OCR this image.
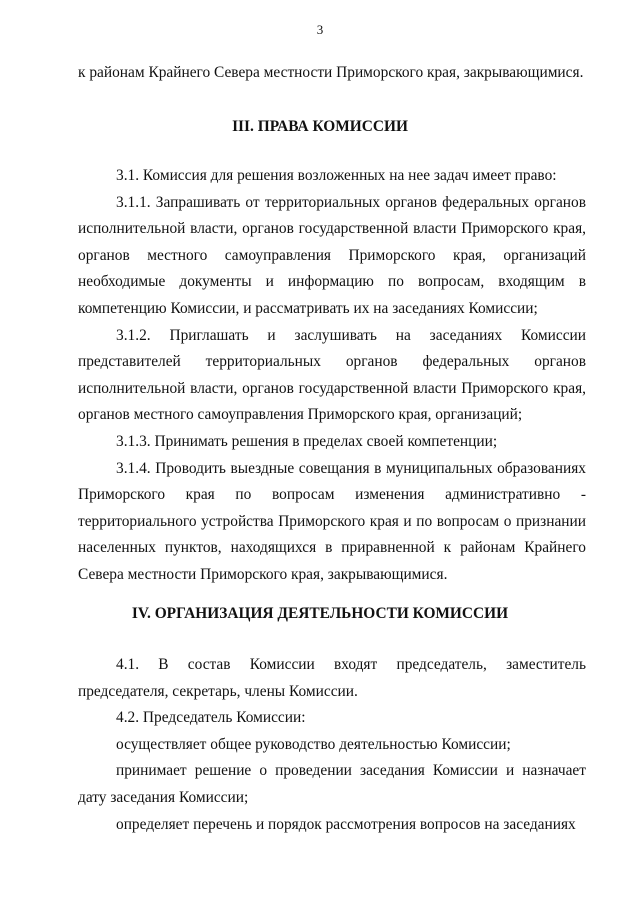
3

к районам Крайнего Севера местности Приморского края, закрывающимися.

III. ПРАВА КОМИССИИ

3.1. Комиссия для решения возложенных на нее задач имеет право:

3.1.1. Запрашивать от территориальных органов федеральных органов исполнительной власти, органов государственной власти Приморского края, органов местного самоуправления Приморского края, организаций необходимые документы и информацию по вопросам, входящим в компетенцию Комиссии, и рассматривать их на заседаниях Комиссии;

3.1.2. Приглашать и заслушивать на заседаниях Комиссии представителей территориальных органов федеральных органов исполнительной власти, органов государственной власти Приморского края, органов местного самоуправления Приморского края, организаций;

3.1.3. Принимать решения в пределах своей компетенции;

3.1.4. Проводить выездные совещания в муниципальных образованиях Приморского края по вопросам изменения административно - территориального устройства Приморского края и по вопросам о признании населенных пунктов, находящихся в приравненной к районам Крайнего Севера местности Приморского края, закрывающимися.

IV. ОРГАНИЗАЦИЯ ДЕЯТЕЛЬНОСТИ КОМИССИИ

4.1. В состав Комиссии входят председатель, заместитель председателя, секретарь, члены Комиссии.

4.2. Председатель Комиссии:

осуществляет общее руководство деятельностью Комиссии;

принимает решение о проведении заседания Комиссии и назначает дату заседания Комиссии;

определяет перечень и порядок рассмотрения вопросов на заседаниях
